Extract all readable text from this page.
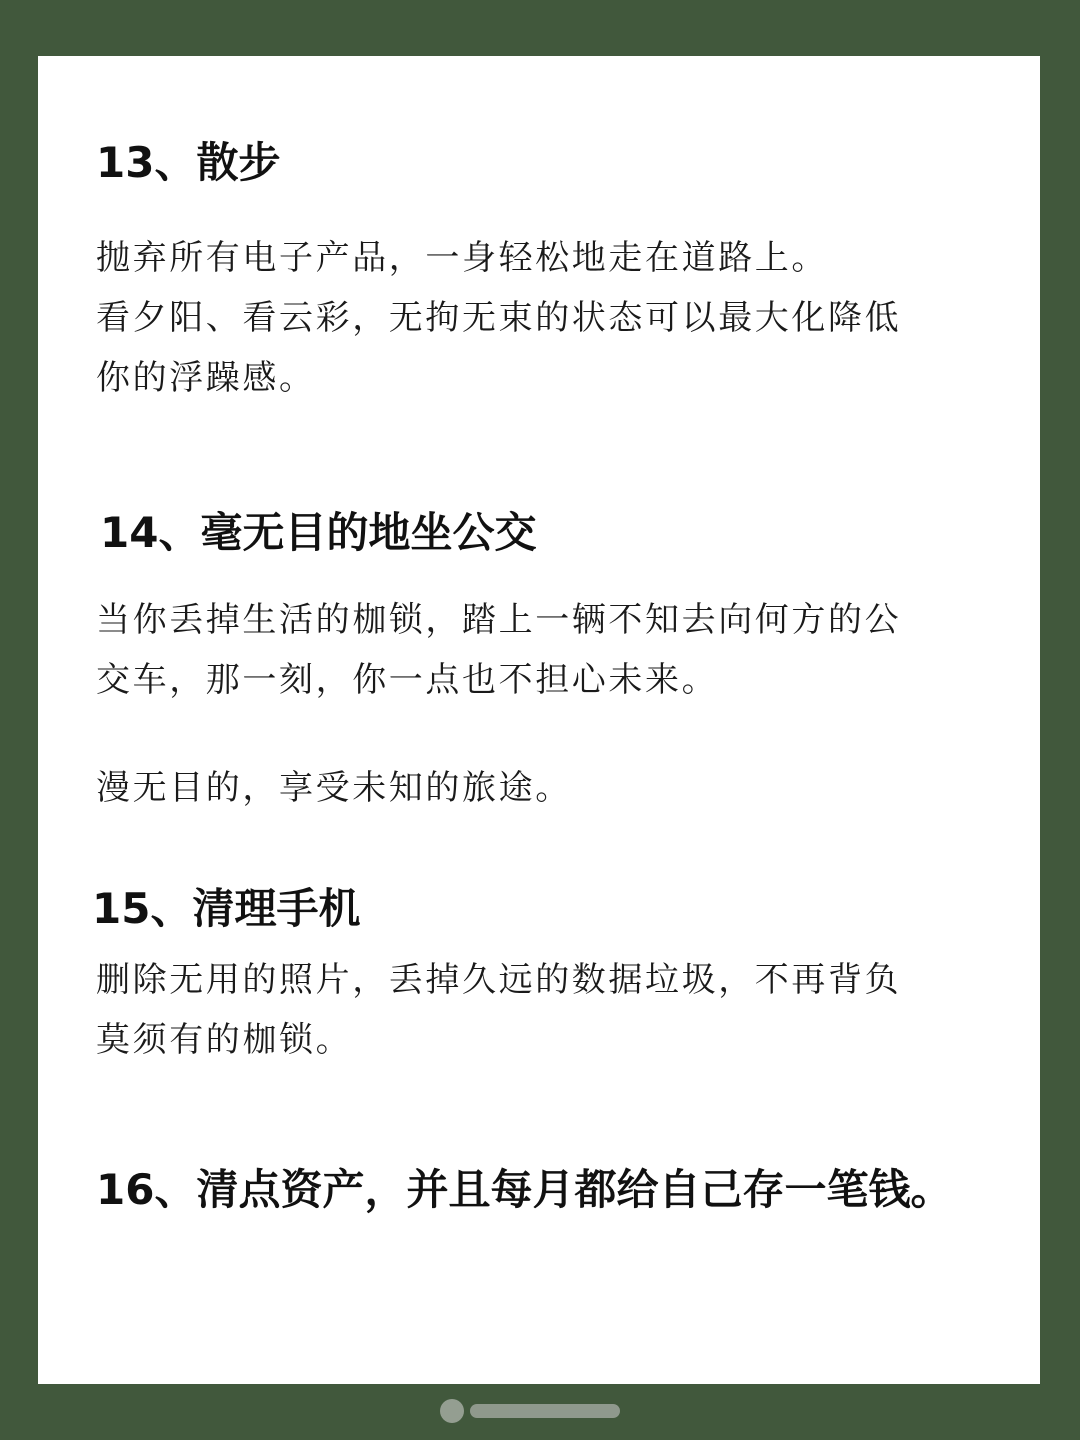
13、散步
抛弃所有电子产品，一身轻松地走在道路上。
看夕阳、看云彩，无拘无束的状态可以最大化降低
你的浮躁感。
14、毫无目的地坐公交
当你丢掉生活的枷锁，踏上一辆不知去向何方的公
交车，那一刻，你一点也不担心未来。
漫无目的，享受未知的旅途。
15、清理手机
删除无用的照片，丢掉久远的数据垃圾，不再背负
莫须有的枷锁。
16、清点资产，并且每月都给自己存一笔钱。
